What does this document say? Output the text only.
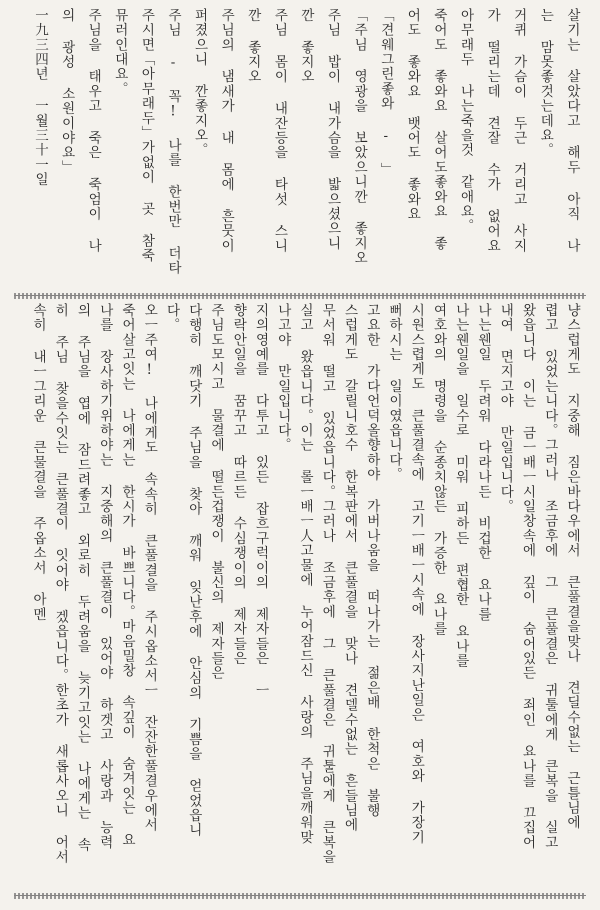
살기는 살았다고 해두 아직 나
는 맘못좋것는데요。
거퀴 가슴이 두근 거리고 사지
가 떨리는데 견잘 수가 없어요
아무래두 나는죽을것 같애요。
죽어도 좋와요 살어도좋와요 좋
어도 좋와요 뱃어도 좋와요
「견웨그린좋와 - 」
「주님 영광을 보았으니깐 좋지오
주님 밥이 내가슴을 밟으셨으니
깐 좋지오
주님 몸이 내잔등을 타섯 스니
깐 좋지오
주님의 냄새가 내 몸에 흔뭇이
퍼졌으니 깐좋지오。
주님 - 꼭! 나를 한번만 더타
주시면「아무래두」가없이 곳 참죽
뮤러인대요。
주님을 태우고 죽은 죽엄이 나
의 광성 소원이야요」
一九三四년 一월三十一일
냥스럽게도 지중해 짐은바다우에서 큰풀결을맞나 견딜수없는 근틀님에
렵고 있었는니다。그러나 조금후에 그 큰풀결은 귀툴에게 큰복을 실고
왔읍니다 이는 금ㅡ배ㅡ시일창속에 깊이 숨어있든 죄인 요나를 끄집어
내여 면지고야 만일입니다。
나는웬일 두려워 다라나든 비겁한 요나를
나는웬일을 일수로 미워 피하든 편협한 요나를
여호와의 명령을 순종치않든 가증한 요나를
시원스렵게도 큰풀결속에 고기ㅡ배ㅡ시속에 장사지난일은 여호와 가장기
뻐하시는 일이였읍니다。
고요한 가다언덕올향하야 가버나움을 떠나가는 젊은배 한척은 불행
스럽게도 갈릴니호수 한복판에서 큰풀결을 맞나 견델수없는 흔들님에
무서워 떨고 있었읍니다。그러나 조금후에 그 큰풀결은 귀툴에게 큰복을
실고 왔읍니다。이는 롤ㅡ배ㅡ人고물에 누어잠드신 사랑의 주님을깨워맞
나고야 만일입니다。
지의영예를 다투고 있든 잡흐구럭이의 제자들은 ㅡ
향락안일을 꿈꾸고 따르든 수심쟁이의 제자들은
주님도모시고 물결에 떨든겁쟁이 불신의 제자들은
다행히 깨닷기 주님을 찾아 깨워 잊난후에 안심의 기쁨을 얻었읍니
다。
오ㅡ주여! 나에게도 속속히 큰풀결을 주시옵소서ㅡ 잔잔한풀결우에서
죽어살고잇는 나에게는 한시가 바쁘니다。마음밀창 속깊이 숨겨잇는 요
나를 장사하기위하야는 지중해의 큰풀결이 있어야 하겟고 사랑과 능력
의 주님을 엽에 잠드려좋고 외로히 두려움을 늦기고잇는 나에게는 속
히 주님 찾을수잇는 큰풀결이 잇어야 겠읍니다。한초가 새롭사오니 어서
속히 내ㅡ그리운 큰물결을 주옵소서 아멘
